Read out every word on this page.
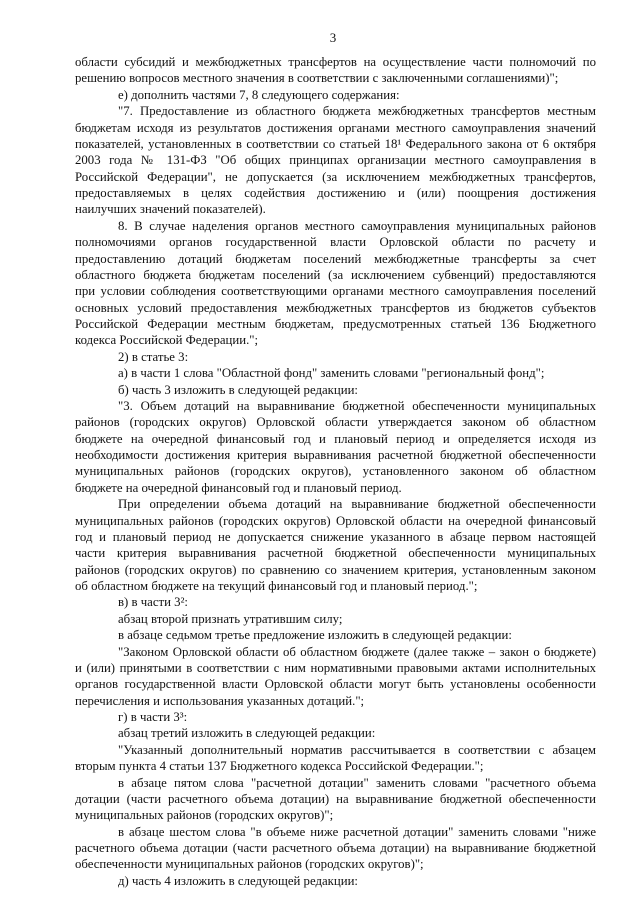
3
области субсидий и межбюджетных трансфертов на осуществление части полномочий по
решению вопросов местного значения в соответствии с заключенными соглашениями)";
е) дополнить частями 7, 8 следующего содержания:
"7. Предоставление из областного бюджета межбюджетных трансфертов местным
бюджетам исходя из результатов достижения органами местного самоуправления значений
показателей, установленных в соответствии со статьей 18¹ Федерального закона от 6 октября
2003 года № 131-ФЗ "Об общих принципах организации местного самоуправления в
Российской Федерации", не допускается (за исключением межбюджетных трансфертов,
предоставляемых в целях содействия достижению и (или) поощрения достижения
наилучших значений показателей).
8. В случае наделения органов местного самоуправления муниципальных районов
полномочиями органов государственной власти Орловской области по расчету и
предоставлению дотаций бюджетам поселений межбюджетные трансферты за счет
областного бюджета бюджетам поселений (за исключением субвенций) предоставляются
при условии соблюдения соответствующими органами местного самоуправления поселений
основных условий предоставления межбюджетных трансфертов из бюджетов субъектов
Российской Федерации местным бюджетам, предусмотренных статьей 136 Бюджетного
кодекса Российской Федерации.";
2) в статье 3:
а) в части 1 слова "Областной фонд" заменить словами "региональный фонд";
б) часть 3 изложить в следующей редакции:
"3. Объем дотаций на выравнивание бюджетной обеспеченности муниципальных
районов (городских округов) Орловской области утверждается законом об областном
бюджете на очередной финансовый год и плановый период и определяется исходя из
необходимости достижения критерия выравнивания расчетной бюджетной обеспеченности
муниципальных районов (городских округов), установленного законом об областном
бюджете на очередной финансовый год и плановый период.
При определении объема дотаций на выравнивание бюджетной обеспеченности
муниципальных районов (городских округов) Орловской области на очередной финансовый
год и плановый период не допускается снижение указанного в абзаце первом настоящей
части критерия выравнивания расчетной бюджетной обеспеченности муниципальных
районов (городских округов) по сравнению со значением критерия, установленным законом
об областном бюджете на текущий финансовый год и плановый период.";
в) в части 3²:
абзац второй признать утратившим силу;
в абзаце седьмом третье предложение изложить в следующей редакции:
"Законом Орловской области об областном бюджете (далее также – закон о бюджете)
и (или) принятыми в соответствии с ним нормативными правовыми актами исполнительных
органов государственной власти Орловской области могут быть установлены особенности
перечисления и использования указанных дотаций.";
г) в части 3³:
абзац третий изложить в следующей редакции:
"Указанный дополнительный норматив рассчитывается в соответствии с абзацем
вторым пункта 4 статьи 137 Бюджетного кодекса Российской Федерации.";
в абзаце пятом слова "расчетной дотации" заменить словами "расчетного объема
дотации (части расчетного объема дотации) на выравнивание бюджетной обеспеченности
муниципальных районов (городских округов)";
в абзаце шестом слова "в объеме ниже расчетной дотации" заменить словами "ниже
расчетного объема дотации (части расчетного объема дотации) на выравнивание бюджетной
обеспеченности муниципальных районов (городских округов)";
д) часть 4 изложить в следующей редакции:
